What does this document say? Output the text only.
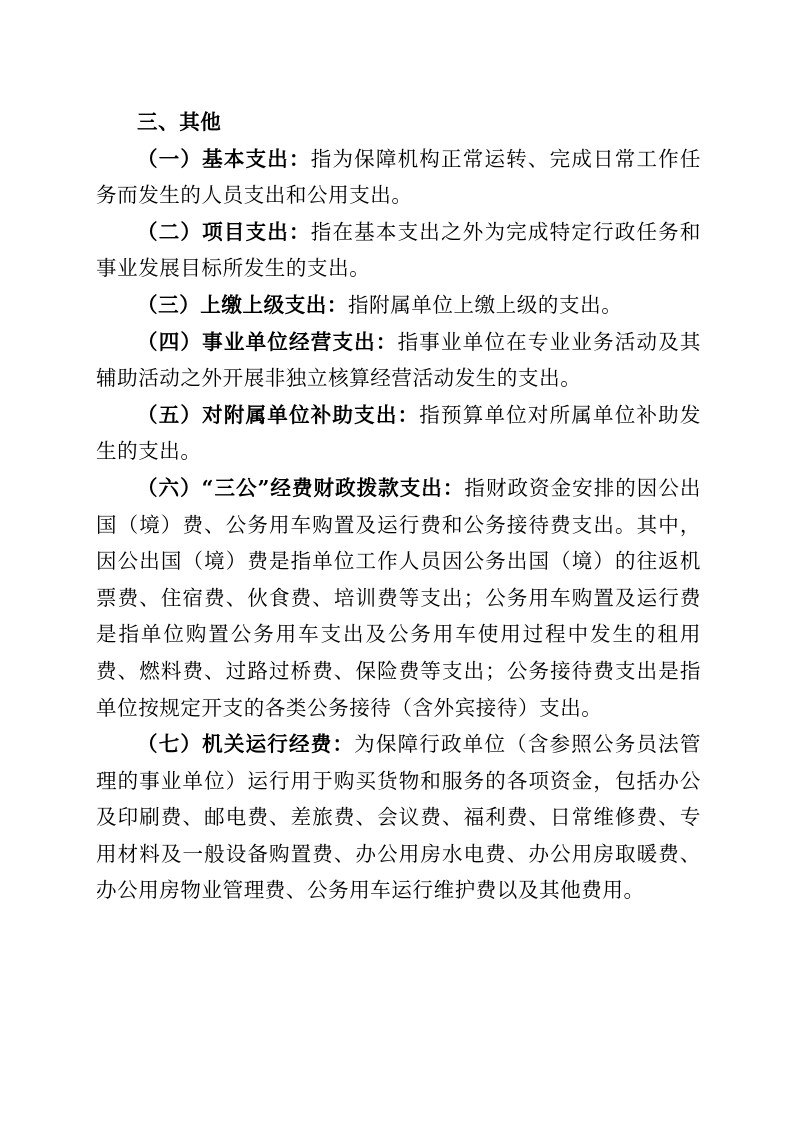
三、其他

（一）基本支出：指为保障机构正常运转、完成日常工作任务而发生的人员支出和公用支出。

（二）项目支出：指在基本支出之外为完成特定行政任务和事业发展目标所发生的支出。

（三）上缴上级支出：指附属单位上缴上级的支出。

（四）事业单位经营支出：指事业单位在专业业务活动及其辅助活动之外开展非独立核算经营活动发生的支出。

（五）对附属单位补助支出：指预算单位对所属单位补助发生的支出。

（六）“三公”经费财政拨款支出：指财政资金安排的因公出国（境）费、公务用车购置及运行费和公务接待费支出。其中，因公出国（境）费是指单位工作人员因公务出国（境）的往返机票费、住宿费、伙食费、培训费等支出；公务用车购置及运行费是指单位购置公务用车支出及公务用车使用过程中发生的租用费、燃料费、过路过桥费、保险费等支出；公务接待费支出是指单位按规定开支的各类公务接待（含外宾接待）支出。

（七）机关运行经费：为保障行政单位（含参照公务员法管理的事业单位）运行用于购买货物和服务的各项资金，包括办公及印刷费、邮电费、差旅费、会议费、福利费、日常维修费、专用材料及一般设备购置费、办公用房水电费、办公用房取暖费、办公用房物业管理费、公务用车运行维护费以及其他费用。
